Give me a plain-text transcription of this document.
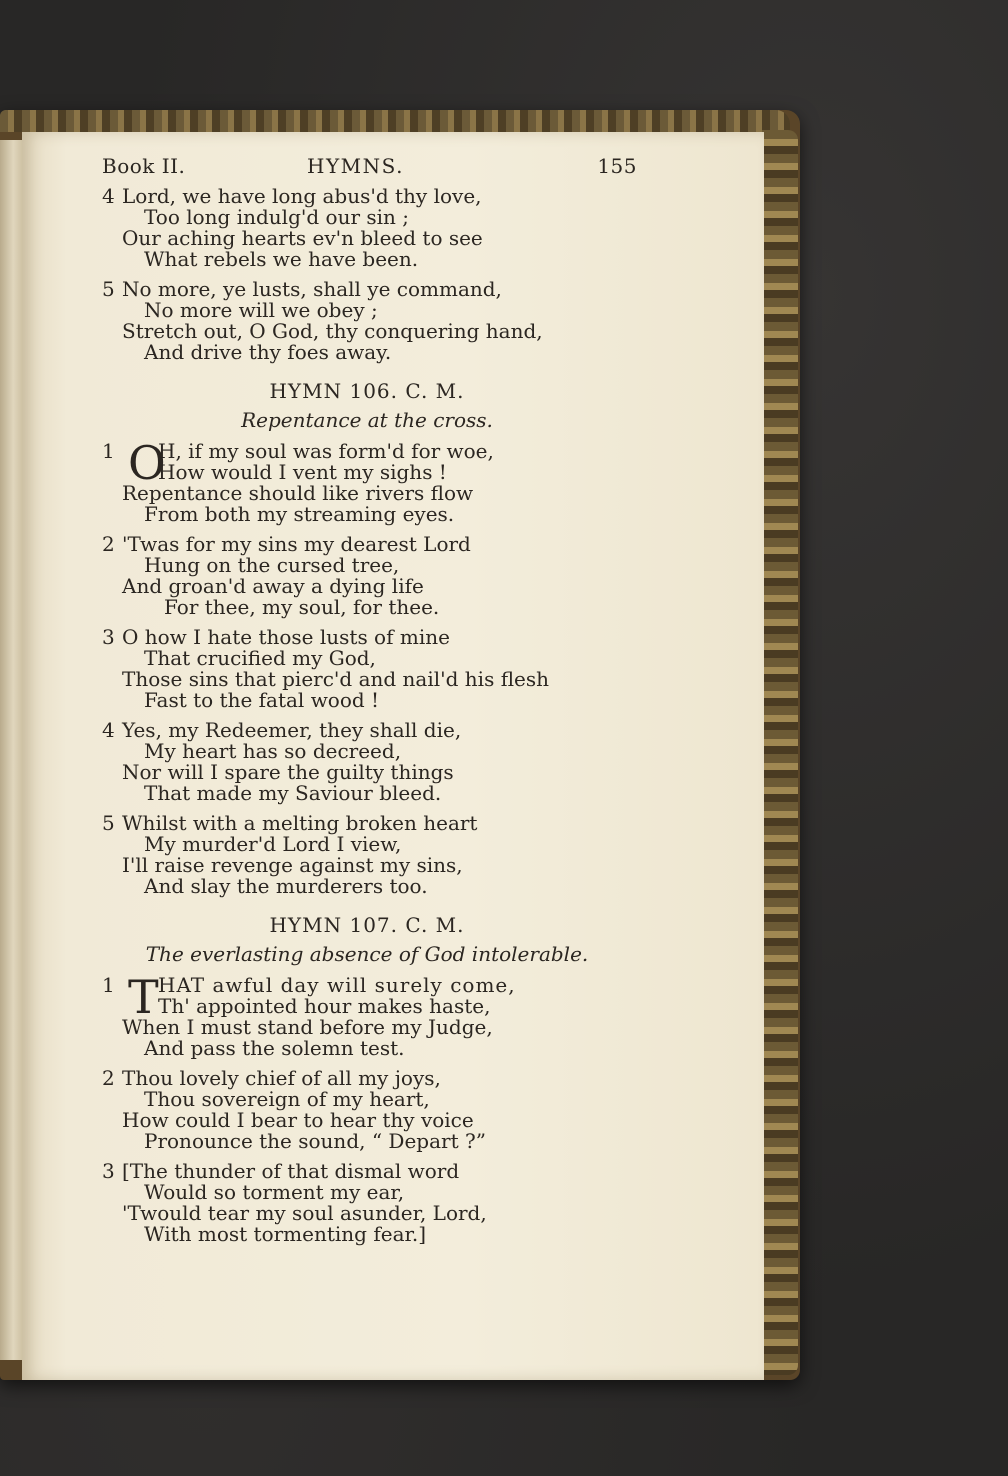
Book II.	HYMNS.	155
4 Lord, we have long abus'd thy love,
Too long indulg'd our sin ;
Our aching hearts ev'n bleed to see
What rebels we have been.
5 No more, ye lusts, shall ye command,
No more will we obey ;
Stretch out, O God, thy conquering hand,
And drive thy foes away.
HYMN 106. C. M.
Repentance at the cross.
1 O
H, if my soul was form'd for woe,
How would I vent my sighs !
Repentance should like rivers flow
From both my streaming eyes.
2 'Twas for my sins my dearest Lord
Hung on the cursed tree,
And groan'd away a dying life
For thee, my soul, for thee.
3 O how I hate those lusts of mine
That crucified my God,
Those sins that pierc'd and nail'd his flesh
Fast to the fatal wood !
4 Yes, my Redeemer, they shall die,
My heart has so decreed,
Nor will I spare the guilty things
That made my Saviour bleed.
5 Whilst with a melting broken heart
My murder'd Lord I view,
I'll raise revenge against my sins,
And slay the murderers too.
HYMN 107. C. M.
The everlasting absence of God intolerable.
1 T HAT awful day will surely come,
Th' appointed hour makes haste,
When I must stand before my Judge,
And pass the solemn test.
2 Thou lovely chief of all my joys,
Thou sovereign of my heart,
How could I bear to hear thy voice
Pronounce the sound, “ Depart ?”
3 [The thunder of that dismal word
Would so torment my ear,
'Twould tear my soul asunder, Lord,
With most tormenting fear.]
